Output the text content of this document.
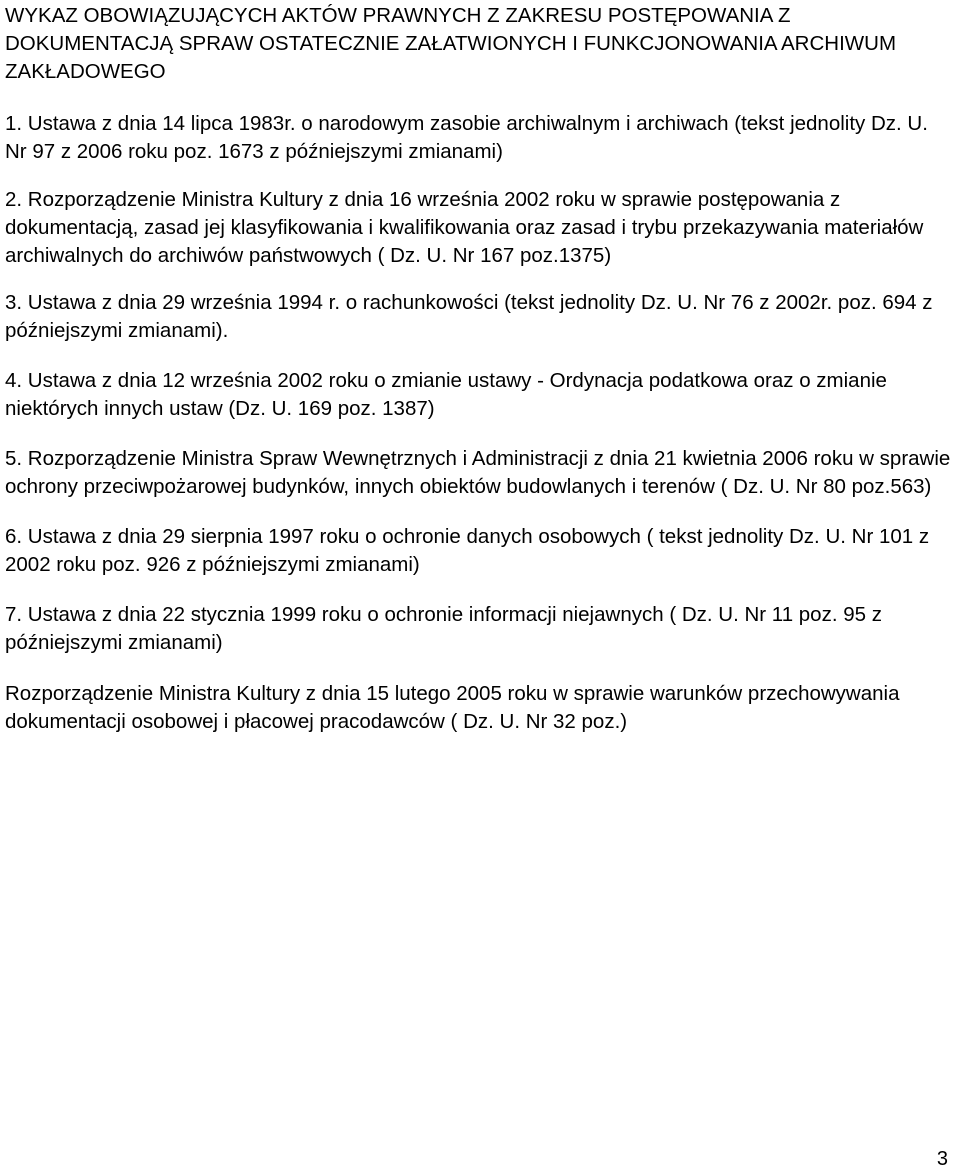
WYKAZ OBOWIĄZUJĄCYCH AKTÓW PRAWNYCH Z ZAKRESU POSTĘPOWANIA Z DOKUMENTACJĄ SPRAW OSTATECZNIE ZAŁATWIONYCH I FUNKCJONOWANIA ARCHIWUM ZAKŁADOWEGO

1. Ustawa z dnia 14 lipca 1983r. o narodowym zasobie archiwalnym i archiwach (tekst jednolity Dz. U. Nr 97 z 2006 roku poz. 1673 z późniejszymi zmianami)

2. Rozporządzenie Ministra Kultury z dnia 16 września 2002 roku w sprawie postępowania z dokumentacją, zasad jej klasyfikowania i kwalifikowania oraz zasad i trybu przekazywania materiałów archiwalnych do archiwów państwowych ( Dz. U. Nr 167 poz.1375)

3. Ustawa z dnia 29 września 1994 r. o rachunkowości (tekst jednolity Dz. U. Nr 76 z 2002r. poz. 694 z późniejszymi zmianami).

4. Ustawa z dnia 12 września 2002 roku o zmianie ustawy - Ordynacja podatkowa oraz o zmianie niektórych innych ustaw (Dz. U. 169 poz. 1387)

5. Rozporządzenie Ministra Spraw Wewnętrznych i Administracji z dnia 21 kwietnia 2006 roku w sprawie ochrony przeciwpożarowej budynków, innych obiektów budowlanych i terenów ( Dz. U. Nr 80 poz.563)

6. Ustawa z dnia 29 sierpnia 1997 roku o ochronie danych osobowych ( tekst jednolity Dz. U. Nr 101 z 2002 roku poz. 926 z późniejszymi zmianami)

7. Ustawa z dnia 22 stycznia 1999 roku o ochronie informacji niejawnych ( Dz. U. Nr 11 poz. 95 z późniejszymi zmianami)

Rozporządzenie Ministra Kultury z dnia 15 lutego 2005 roku w sprawie warunków przechowywania dokumentacji osobowej i płacowej pracodawców ( Dz. U. Nr 32 poz.)

3
